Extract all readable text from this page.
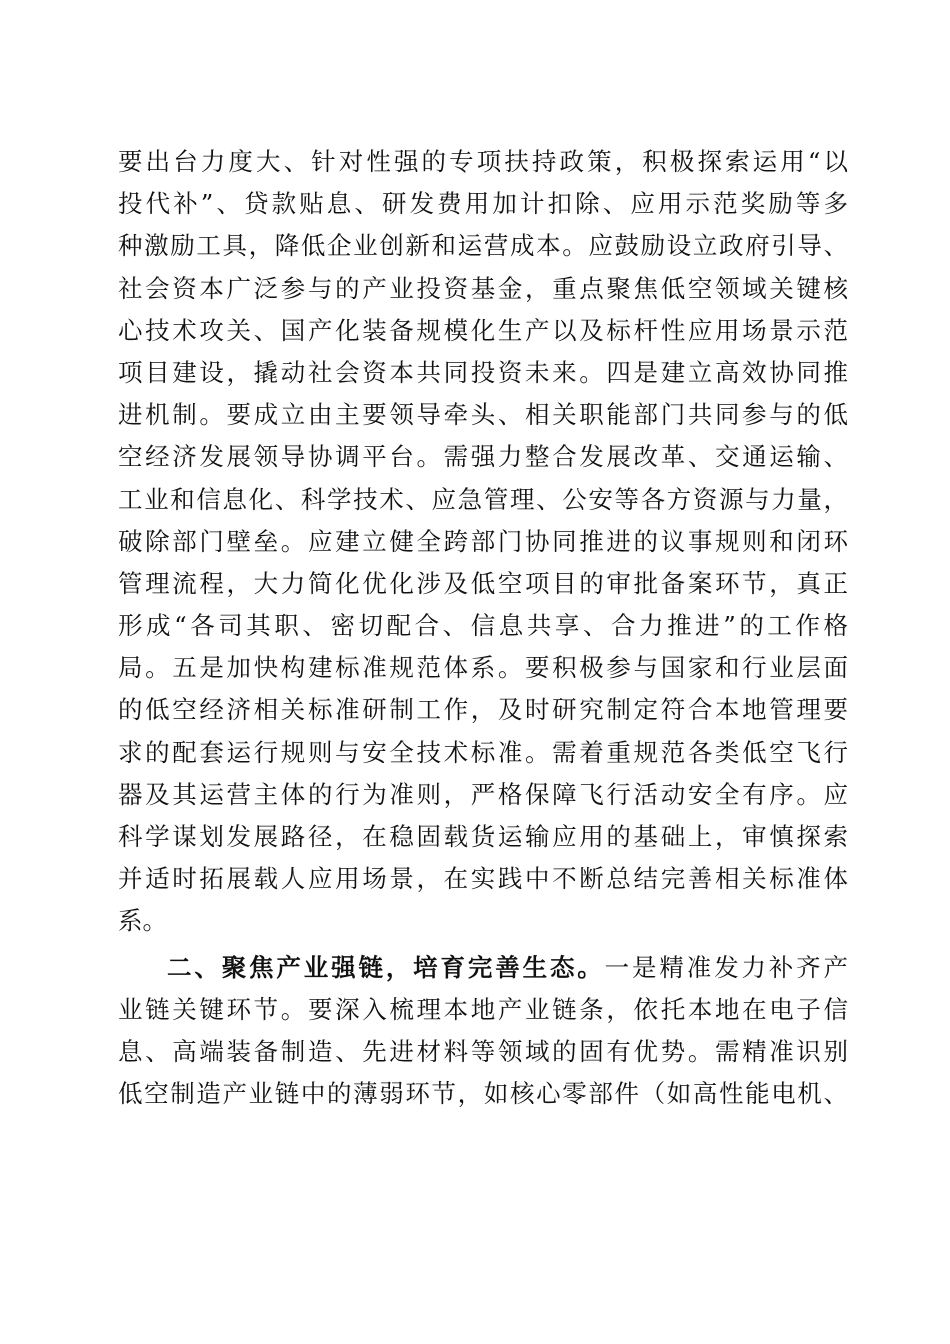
要出台力度大、针对性强的专项扶持政策，积极探索运用“以
投代补”、贷款贴息、研发费用加计扣除、应用示范奖励等多
种激励工具，降低企业创新和运营成本。应鼓励设立政府引导、
社会资本广泛参与的产业投资基金，重点聚焦低空领域关键核
心技术攻关、国产化装备规模化生产以及标杆性应用场景示范
项目建设，撬动社会资本共同投资未来。四是建立高效协同推
进机制。要成立由主要领导牵头、相关职能部门共同参与的低
空经济发展领导协调平台。需强力整合发展改革、交通运输、
工业和信息化、科学技术、应急管理、公安等各方资源与力量，
破除部门壁垒。应建立健全跨部门协同推进的议事规则和闭环
管理流程，大力简化优化涉及低空项目的审批备案环节，真正
形成“各司其职、密切配合、信息共享、合力推进”的工作格
局。五是加快构建标准规范体系。要积极参与国家和行业层面
的低空经济相关标准研制工作，及时研究制定符合本地管理要
求的配套运行规则与安全技术标准。需着重规范各类低空飞行
器及其运营主体的行为准则，严格保障飞行活动安全有序。应
科学谋划发展路径，在稳固载货运输应用的基础上，审慎探索
并适时拓展载人应用场景，在实践中不断总结完善相关标准体
系。
二、聚焦产业强链，培育完善生态。一是精准发力补齐产
业链关键环节。要深入梳理本地产业链条，依托本地在电子信
息、高端装备制造、先进材料等领域的固有优势。需精准识别
低空制造产业链中的薄弱环节，如核心零部件（如高性能电机、
